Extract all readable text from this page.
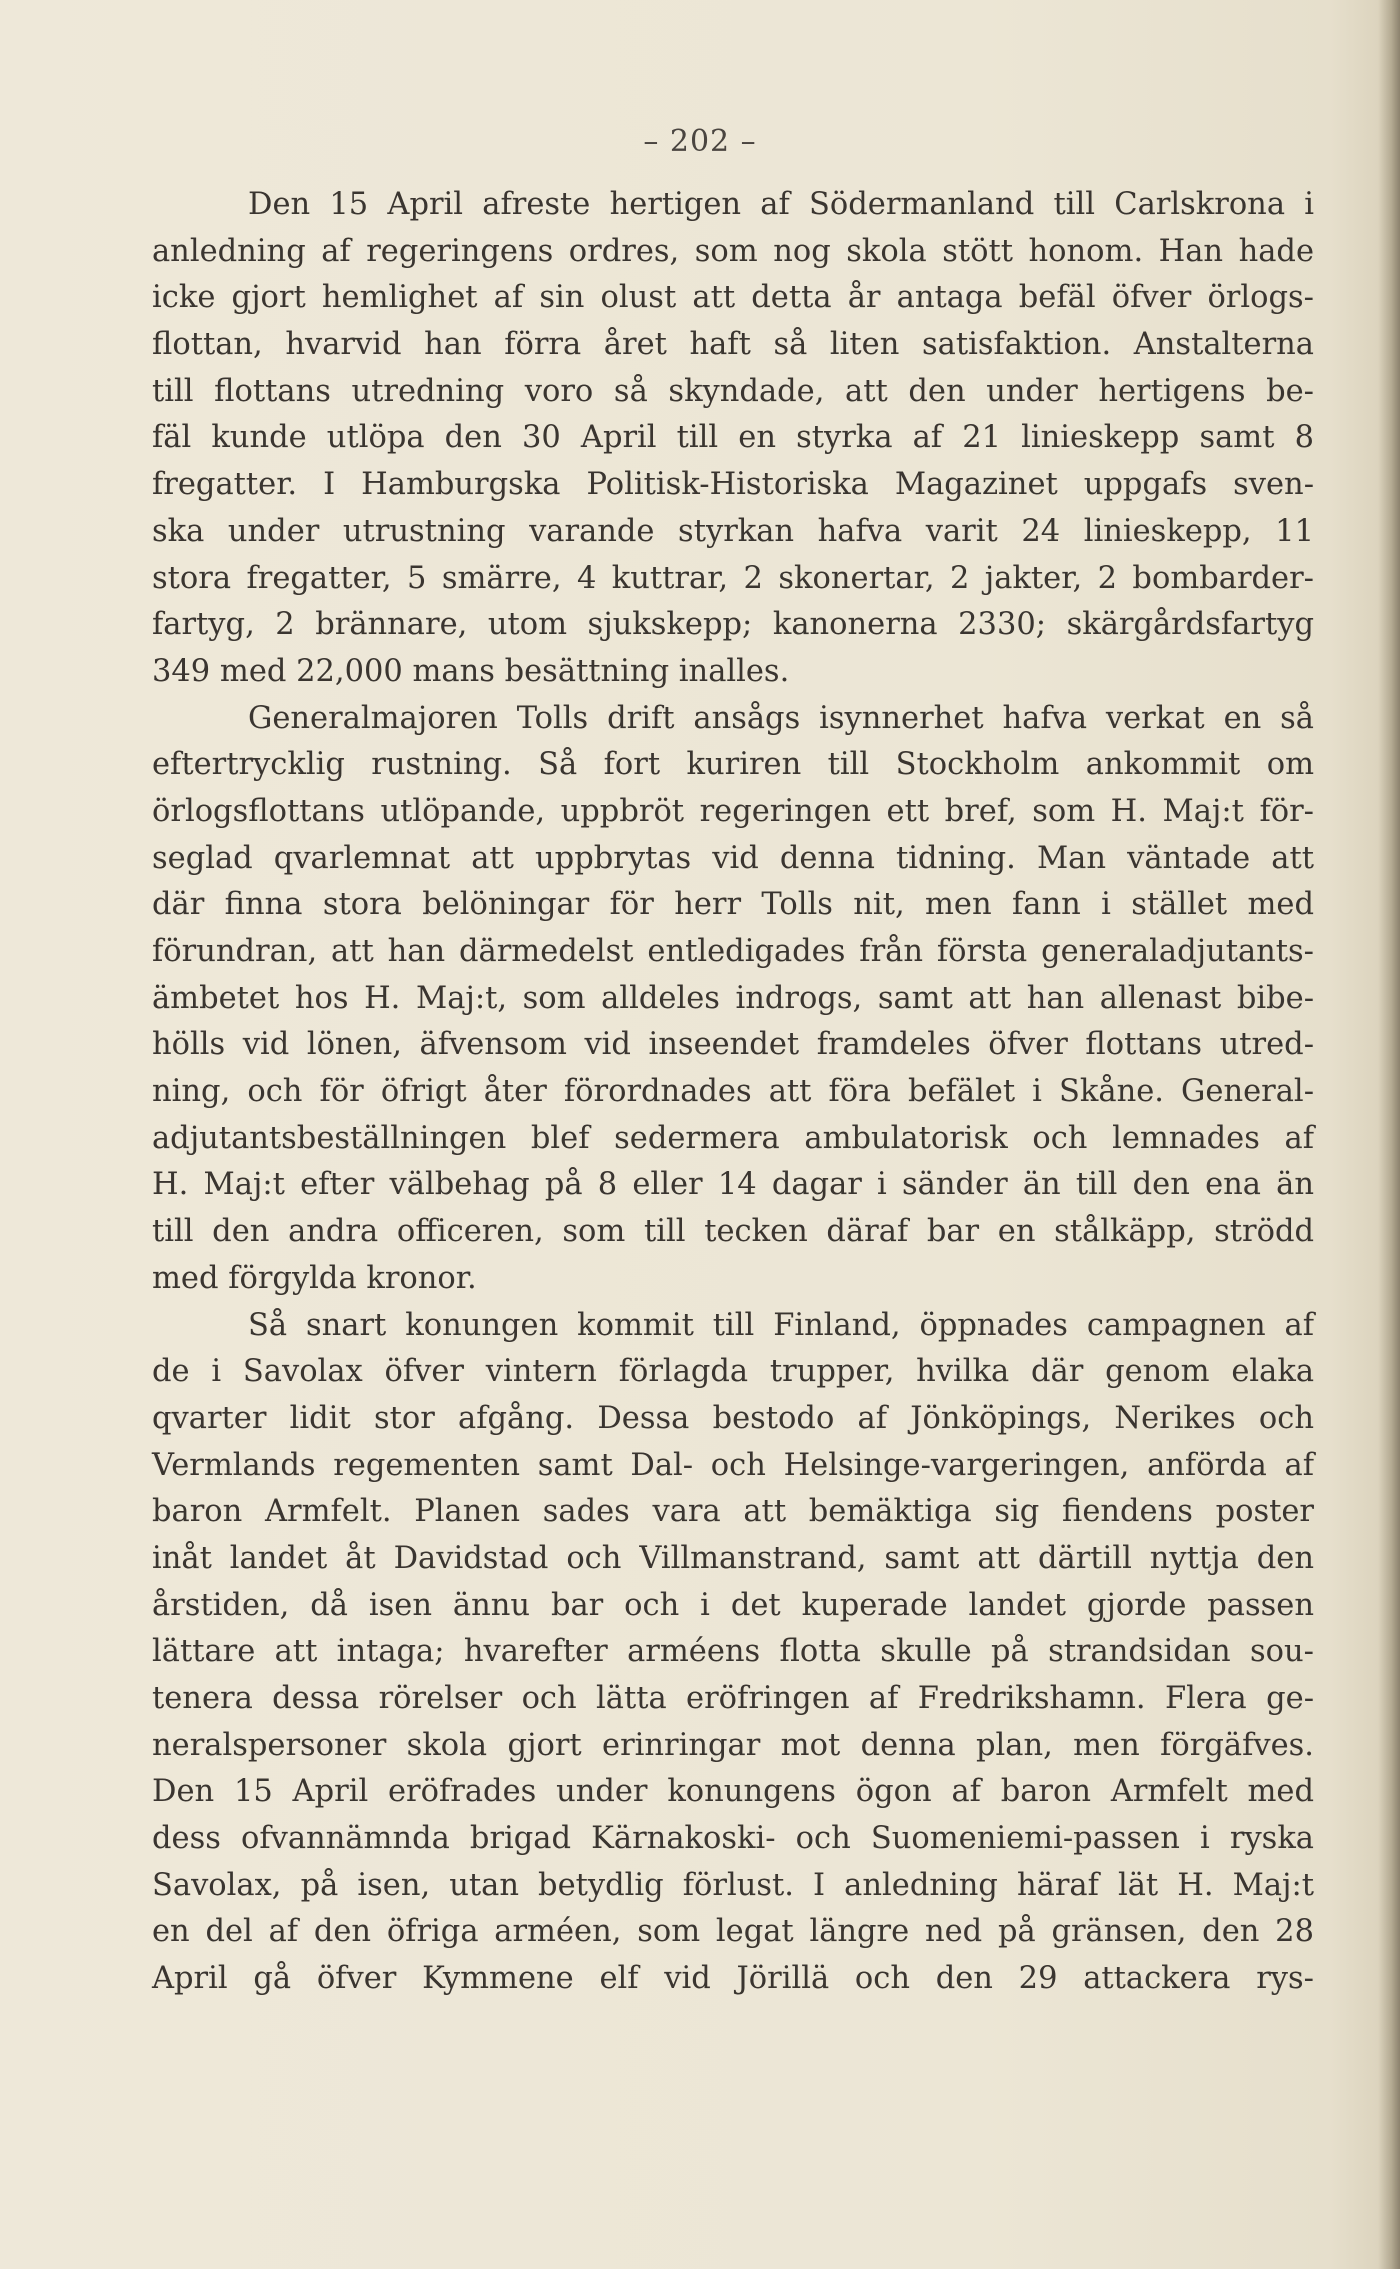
– 202 –
Den 15 April afreste hertigen af Södermanland till Carlskrona i
anledning af regeringens ordres, som nog skola stött honom. Han hade
icke gjort hemlighet af sin olust att detta år antaga befäl öfver örlogs-
flottan, hvarvid han förra året haft så liten satisfaktion. Anstalterna
till flottans utredning voro så skyndade, att den under hertigens be-
fäl kunde utlöpa den 30 April till en styrka af 21 linieskepp samt 8
fregatter. I Hamburgska Politisk-Historiska Magazinet uppgafs sven-
ska under utrustning varande styrkan hafva varit 24 linieskepp, 11
stora fregatter, 5 smärre, 4 kuttrar, 2 skonertar, 2 jakter, 2 bombarder-
fartyg, 2 brännare, utom sjukskepp; kanonerna 2330; skärgårdsfartyg
349 med 22,000 mans besättning inalles.
Generalmajoren Tolls drift ansågs isynnerhet hafva verkat en så
eftertrycklig rustning. Så fort kuriren till Stockholm ankommit om
örlogsflottans utlöpande, uppbröt regeringen ett bref, som H. Maj:t för-
seglad qvarlemnat att uppbrytas vid denna tidning. Man väntade att
där finna stora belöningar för herr Tolls nit, men fann i stället med
förundran, att han därmedelst entledigades från första generaladjutants-
ämbetet hos H. Maj:t, som alldeles indrogs, samt att han allenast bibe-
hölls vid lönen, äfvensom vid inseendet framdeles öfver flottans utred-
ning, och för öfrigt åter förordnades att föra befälet i Skåne. General-
adjutantsbeställningen blef sedermera ambulatorisk och lemnades af
H. Maj:t efter välbehag på 8 eller 14 dagar i sänder än till den ena än
till den andra officeren, som till tecken däraf bar en stålkäpp, strödd
med förgylda kronor.
Så snart konungen kommit till Finland, öppnades campagnen af
de i Savolax öfver vintern förlagda trupper, hvilka där genom elaka
qvarter lidit stor afgång. Dessa bestodo af Jönköpings, Nerikes och
Vermlands regementen samt Dal- och Helsinge-vargeringen, anförda af
baron Armfelt. Planen sades vara att bemäktiga sig fiendens poster
inåt landet åt Davidstad och Villmanstrand, samt att därtill nyttja den
årstiden, då isen ännu bar och i det kuperade landet gjorde passen
lättare att intaga; hvarefter arméens flotta skulle på strandsidan sou-
tenera dessa rörelser och lätta eröfringen af Fredrikshamn. Flera ge-
neralspersoner skola gjort erinringar mot denna plan, men förgäfves.
Den 15 April eröfrades under konungens ögon af baron Armfelt med
dess ofvannämnda brigad Kärnakoski- och Suomeniemi-passen i ryska
Savolax, på isen, utan betydlig förlust. I anledning häraf lät H. Maj:t
en del af den öfriga arméen, som legat längre ned på gränsen, den 28
April gå öfver Kymmene elf vid Jörillä och den 29 attackera rys-
